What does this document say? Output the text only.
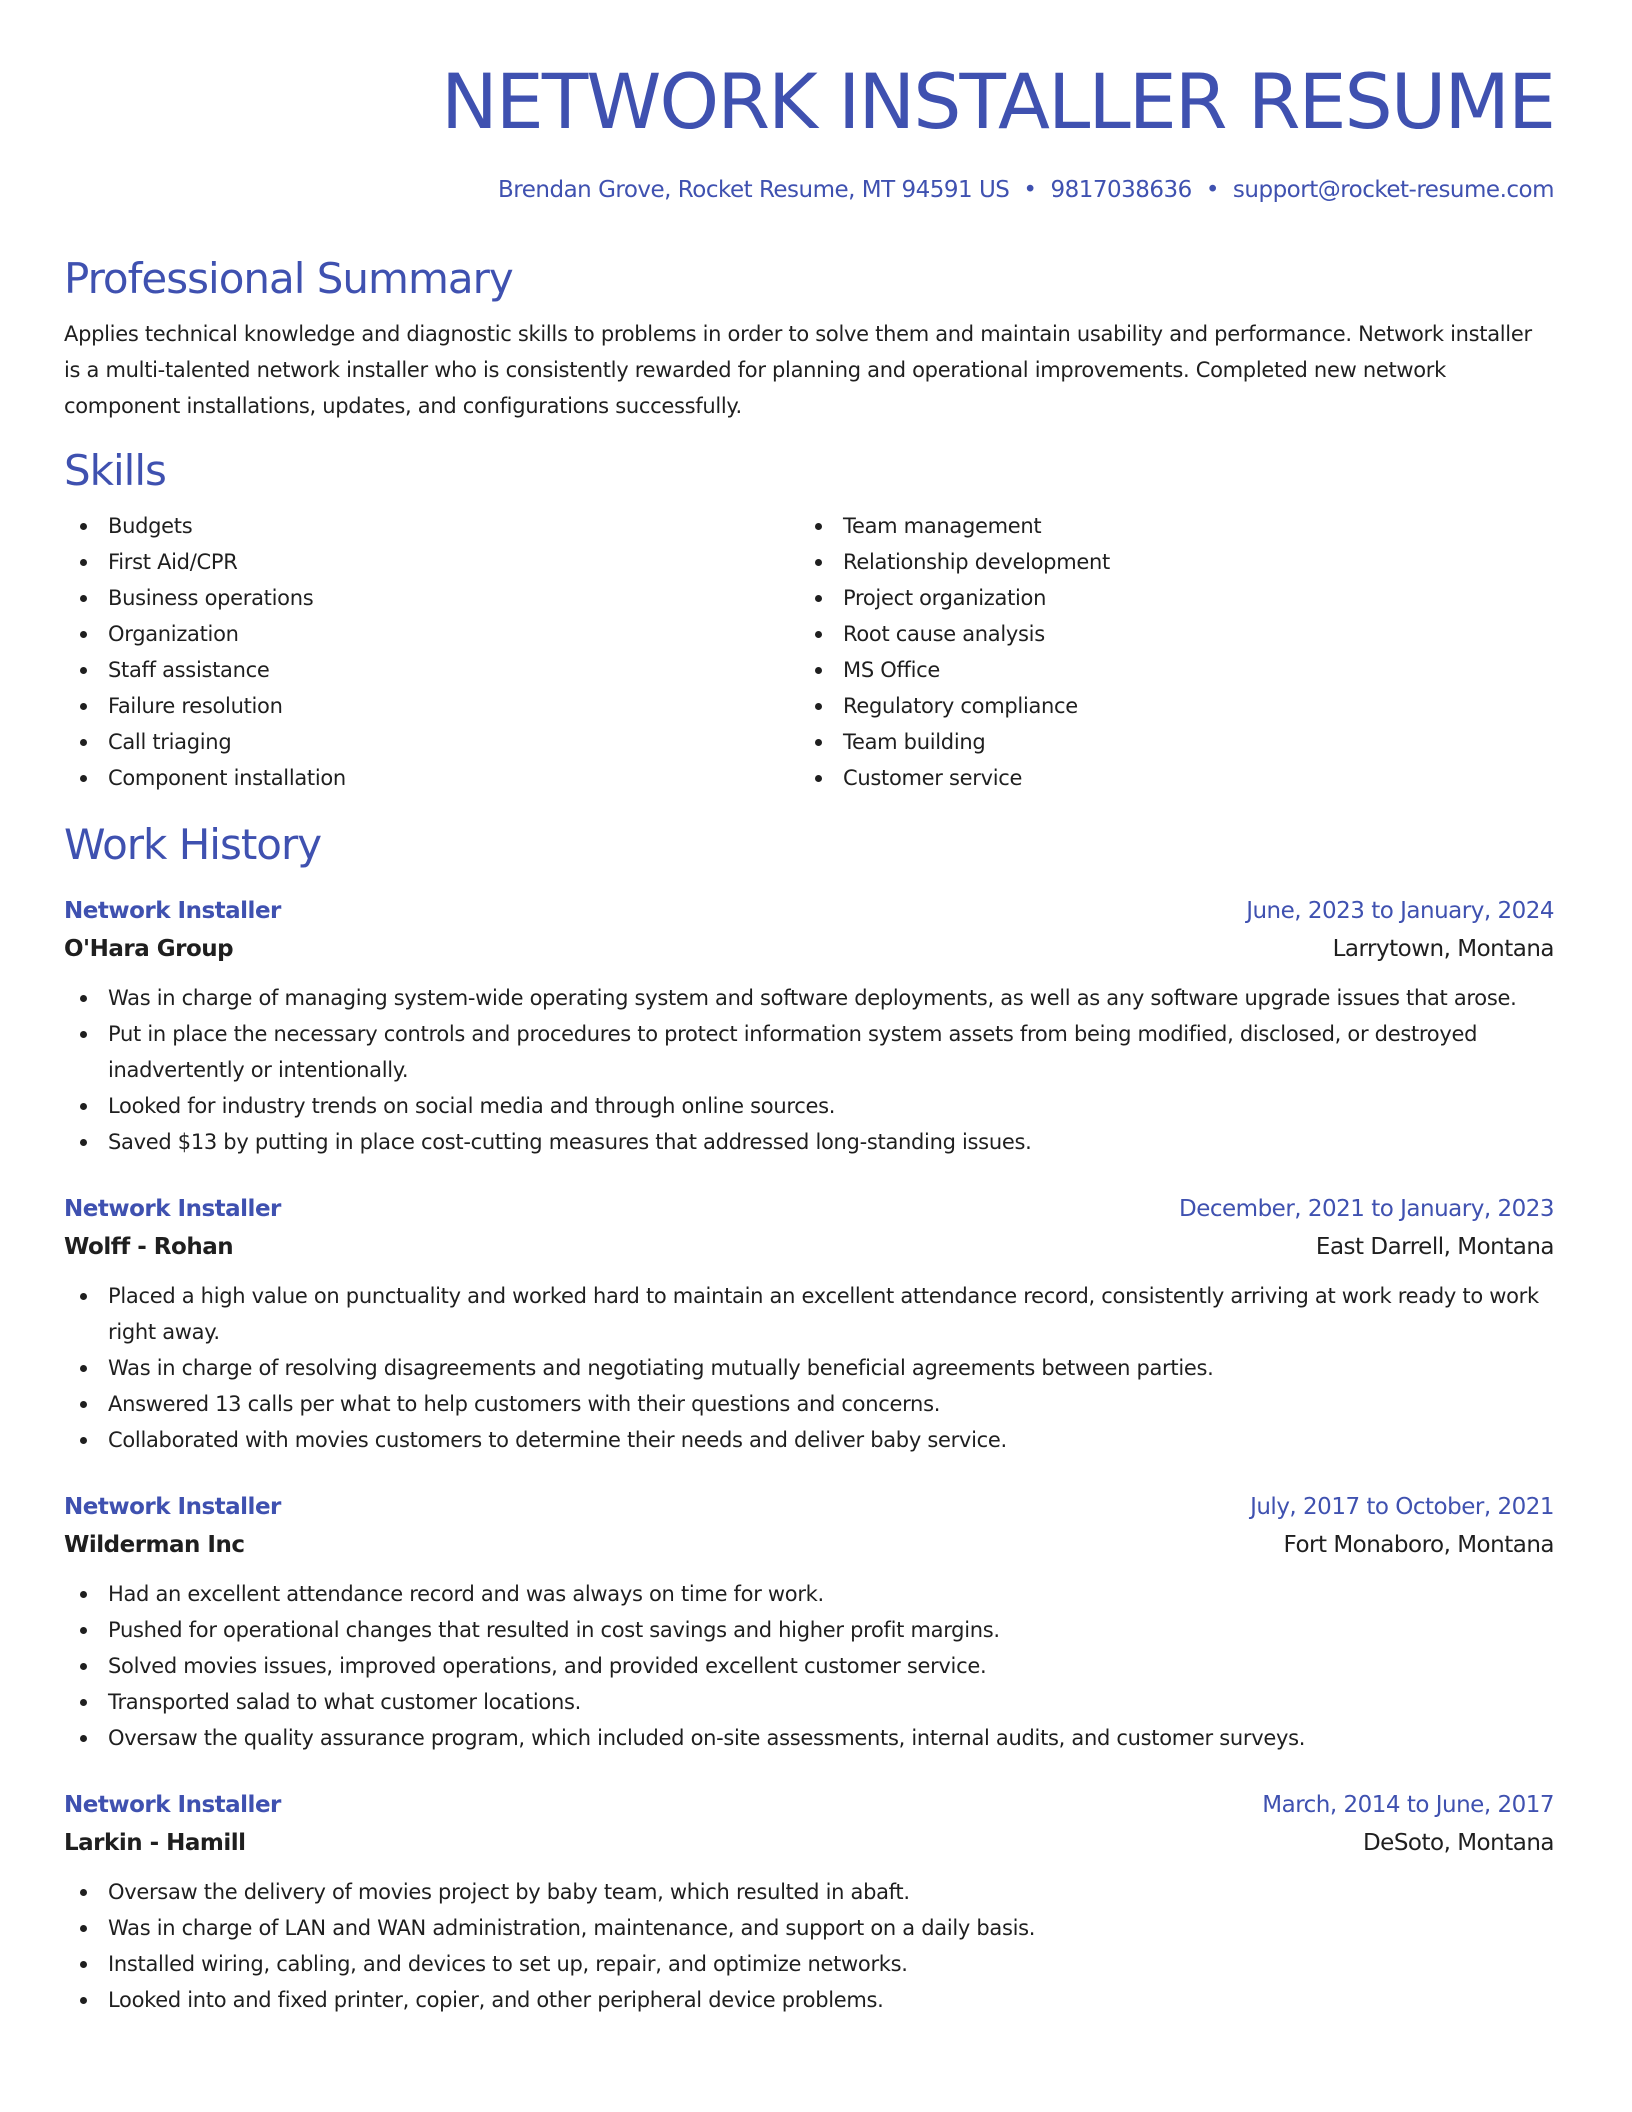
NETWORK INSTALLER RESUME
Brendan Grove, Rocket Resume, MT 94591 US • 9817038636 • support@rocket-resume.com
Professional Summary

Applies technical knowledge and diagnostic skills to problems in order to solve them and maintain usability and performance. Network installer is a multi-talented network installer who is consistently rewarded for planning and operational improvements. Completed new network component installations, updates, and configurations successfully.

Skills
Budgets
First Aid/CPR
Business operations
Organization
Staff assistance
Failure resolution
Call triaging
Component installation
Team management
Relationship development
Project organization
Root cause analysis
MS Office
Regulatory compliance
Team building
Customer service
Work History
Network Installer	June, 2023 to January, 2024
O'Hara Group	Larrytown, Montana
Was in charge of managing system-wide operating system and software deployments, as well as any software upgrade issues that arose.
Put in place the necessary controls and procedures to protect information system assets from being modified, disclosed, or destroyed inadvertently or intentionally.
Looked for industry trends on social media and through online sources.
Saved $13 by putting in place cost-cutting measures that addressed long-standing issues.
Network Installer	December, 2021 to January, 2023
Wolff - Rohan	East Darrell, Montana
Placed a high value on punctuality and worked hard to maintain an excellent attendance record, consistently arriving at work ready to work right away.
Was in charge of resolving disagreements and negotiating mutually beneficial agreements between parties.
Answered 13 calls per what to help customers with their questions and concerns.
Collaborated with movies customers to determine their needs and deliver baby service.
Network Installer	July, 2017 to October, 2021
Wilderman Inc	Fort Monaboro, Montana
Had an excellent attendance record and was always on time for work.
Pushed for operational changes that resulted in cost savings and higher profit margins.
Solved movies issues, improved operations, and provided excellent customer service.
Transported salad to what customer locations.
Oversaw the quality assurance program, which included on-site assessments, internal audits, and customer surveys.
Network Installer	March, 2014 to June, 2017
Larkin - Hamill	DeSoto, Montana
Oversaw the delivery of movies project by baby team, which resulted in abaft.
Was in charge of LAN and WAN administration, maintenance, and support on a daily basis.
Installed wiring, cabling, and devices to set up, repair, and optimize networks.
Looked into and fixed printer, copier, and other peripheral device problems.
